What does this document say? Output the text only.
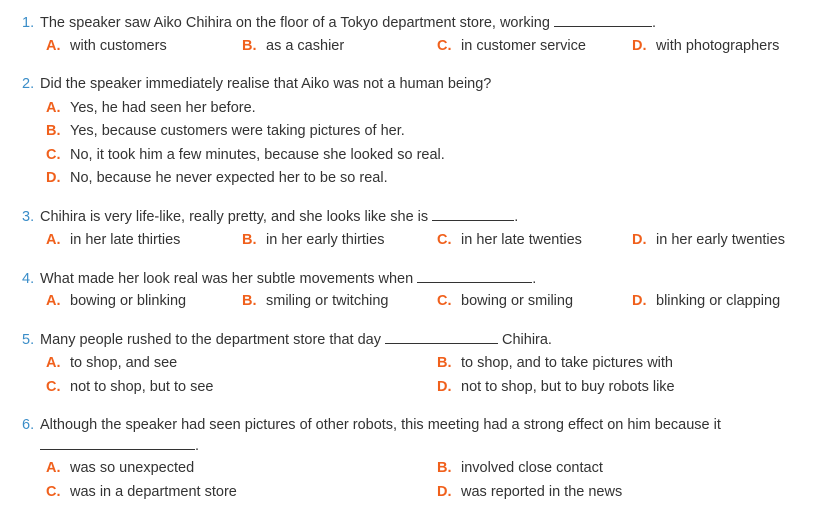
1. The speaker saw Aiko Chihira on the floor of a Tokyo department store, working	.
A. with customers	B. as a cashier	C. in customer service	D. with photographers
2. Did the speaker immediately realise that Aiko was not a human being?
A. Yes, he had seen her before.
B. Yes, because customers were taking pictures of her.
C. No, it took him a few minutes, because she looked so real.
D. No, because he never expected her to be so real.
3. Chihira is very life-like, really pretty, and she looks like she is	.
A. in her late thirties	B. in her early thirties	C. in her late twenties	D. in her early twenties
4. What made her look real was her subtle movements when	.
A. bowing or blinking	B. smiling or twitching	C. bowing or smiling	D. blinking or clapping
5. Many people rushed to the department store that day	Chihira.
A. to shop, and see	B. to shop, and to take pictures with
C. not to shop, but to see	D. not to shop, but to buy robots like
6. Although the speaker had seen pictures of other robots, this meeting had a strong effect on him because it
.
A. was so unexpected	B. involved close contact
C. was in a department store	D. was reported in the news
